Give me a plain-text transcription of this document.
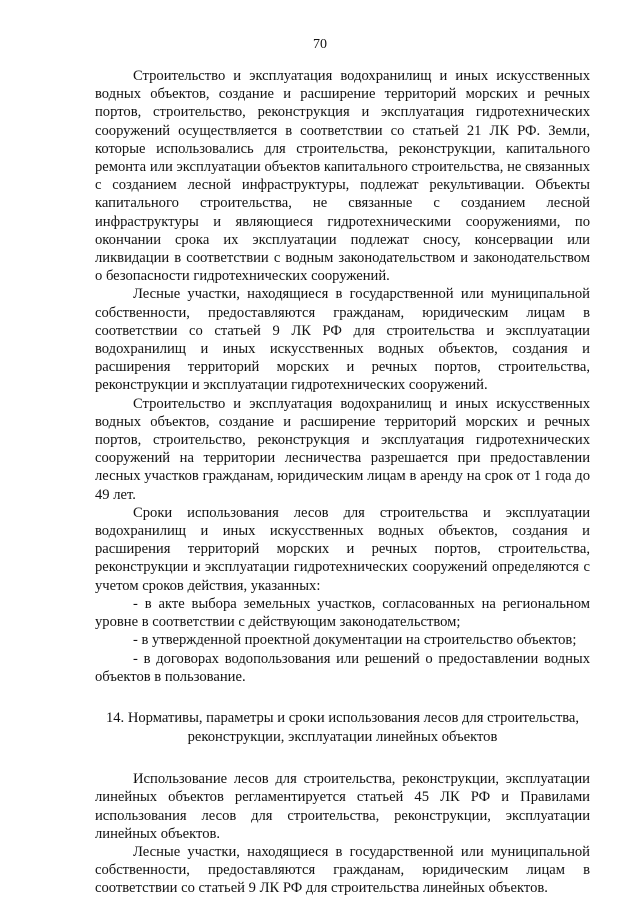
70

Строительство и эксплуатация водохранилищ и иных искусственных водных объектов, создание и расширение территорий морских и речных портов, строительство, реконструкция и эксплуатация гидротехнических сооружений осуществляется в соответствии со статьей 21 ЛК РФ. Земли, которые использовались для строительства, реконструкции, капитального ремонта или эксплуатации объектов капитального строительства, не связанных с созданием лесной инфраструктуры, подлежат рекультивации. Объекты капитального строительства, не связанные с созданием лесной инфраструктуры и являющиеся гидротехническими сооружениями, по окончании срока их эксплуатации подлежат сносу, консервации или ликвидации в соответствии с водным законодательством и законодательством о безопасности гидротехнических сооружений.

Лесные участки, находящиеся в государственной или муниципальной собственности, предоставляются гражданам, юридическим лицам в соответствии со статьей 9 ЛК РФ для строительства и эксплуатации водохранилищ и иных искусственных водных объектов, создания и расширения территорий морских и речных портов, строительства, реконструкции и эксплуатации гидротехнических сооружений.

Строительство и эксплуатация водохранилищ и иных искусственных водных объектов, создание и расширение территорий морских и речных портов, строительство, реконструкция и эксплуатация гидротехнических сооружений на территории лесничества разрешается при предоставлении лесных участков гражданам, юридическим лицам в аренду на срок от 1 года до 49 лет.

Сроки использования лесов для строительства и эксплуатации водохранилищ и иных искусственных водных объектов, создания и расширения территорий морских и речных портов, строительства, реконструкции и эксплуатации гидротехнических сооружений определяются с учетом сроков действия, указанных:

- в акте выбора земельных участков, согласованных на региональном уровне в соответствии с действующим законодательством;

- в утвержденной проектной документации на строительство объектов;

- в договорах водопользования или решений о предоставлении водных объектов в пользование.

14. Нормативы, параметры и сроки использования лесов для строительства,
реконструкции, эксплуатации линейных объектов

Использование лесов для строительства, реконструкции, эксплуатации линейных объектов регламентируется статьей 45 ЛК РФ и Правилами использования лесов для строительства, реконструкции, эксплуатации линейных объектов.

Лесные участки, находящиеся в государственной или муниципальной собственности, предоставляются гражданам, юридическим лицам в соответствии со статьей 9 ЛК РФ для строительства линейных объектов.
